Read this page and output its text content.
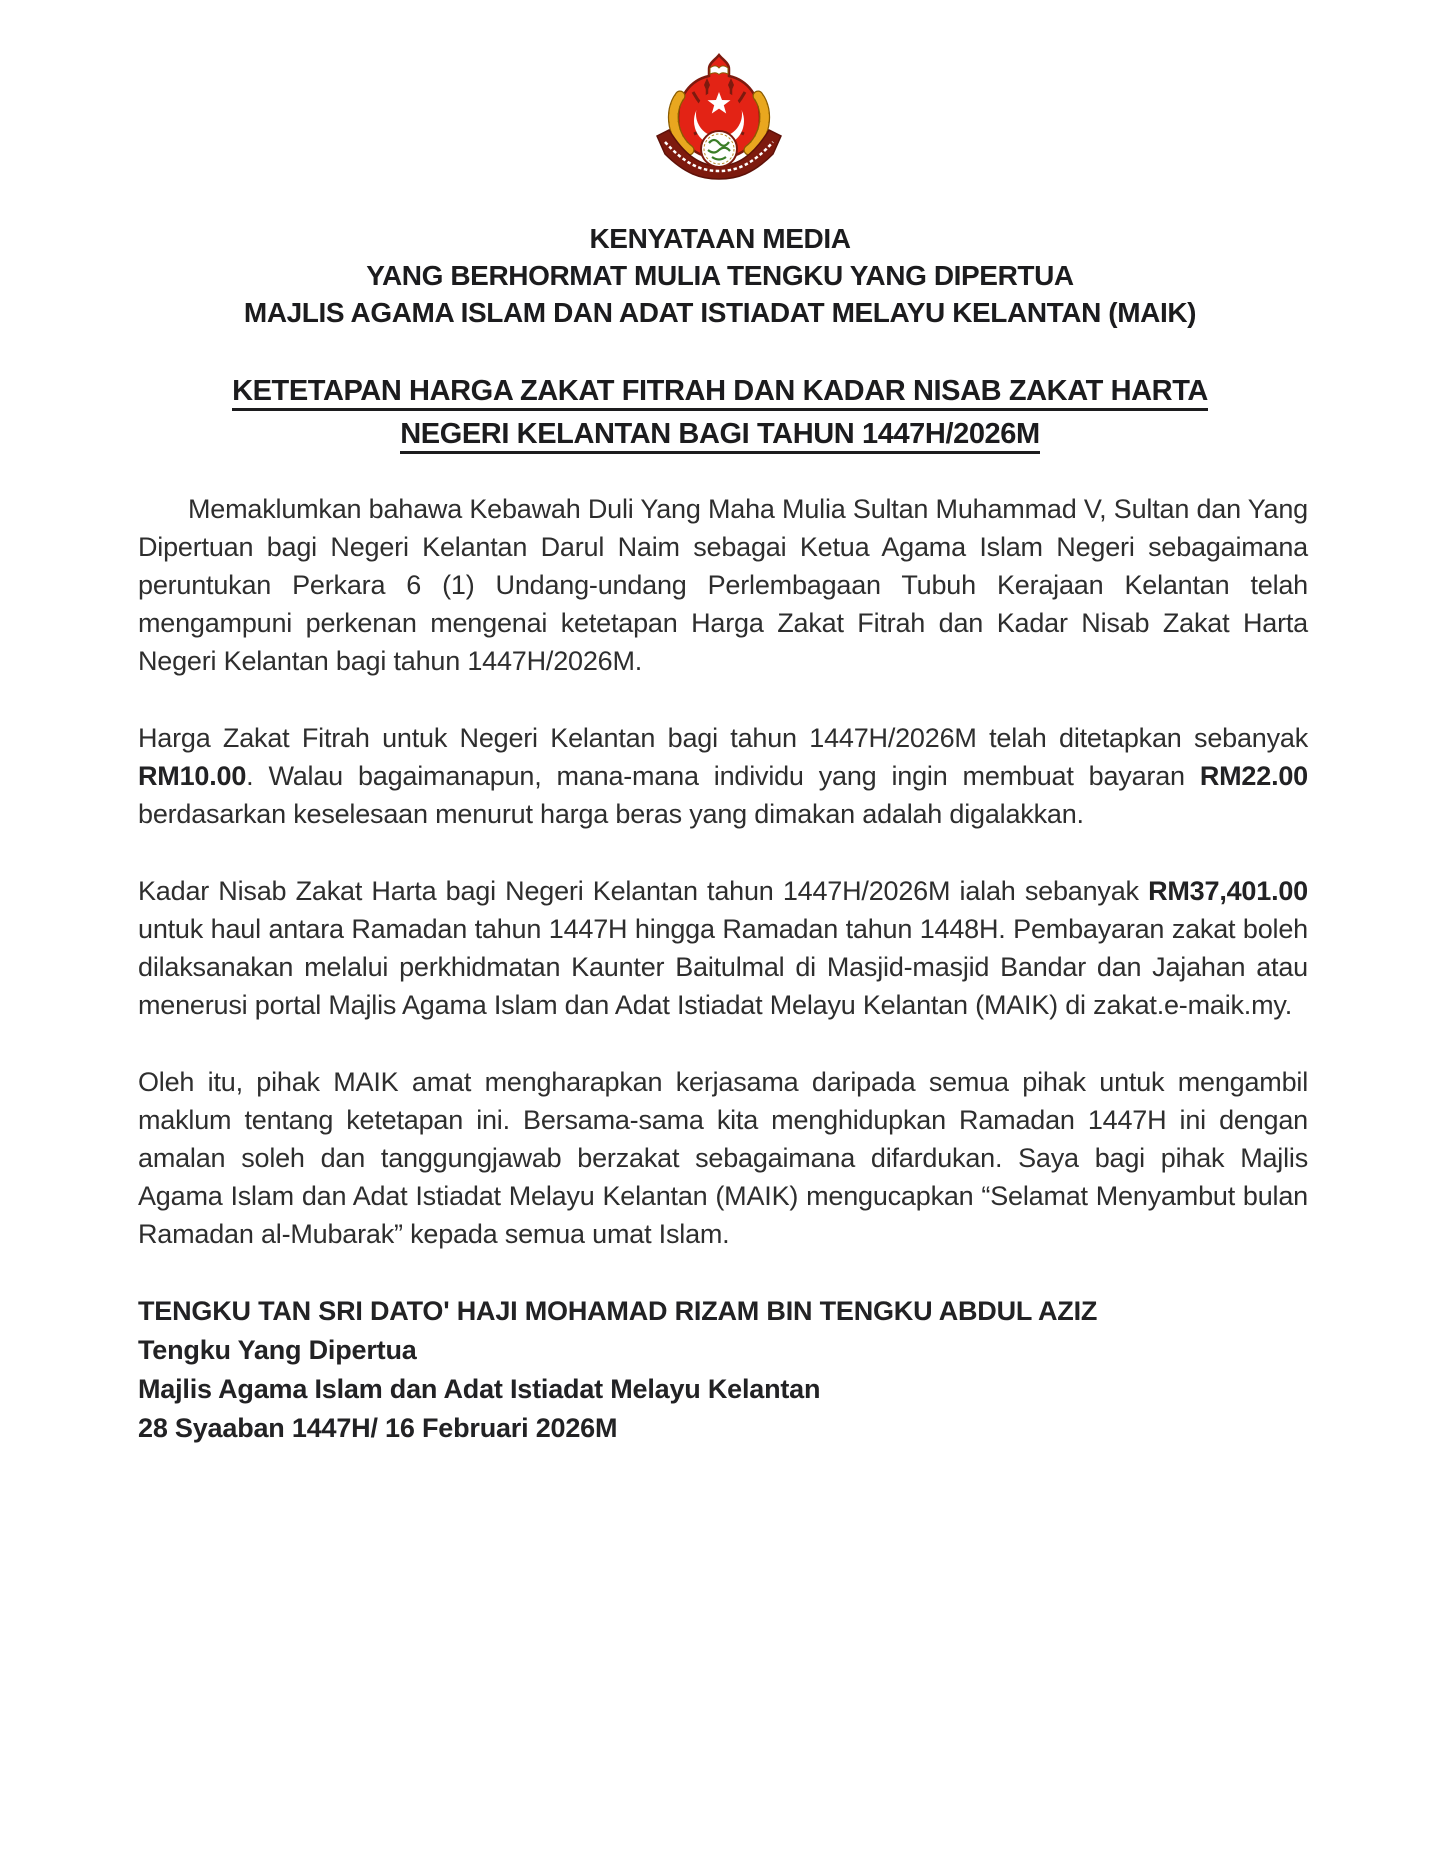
KENYATAAN MEDIA
YANG BERHORMAT MULIA TENGKU YANG DIPERTUA
MAJLIS AGAMA ISLAM DAN ADAT ISTIADAT MELAYU KELANTAN (MAIK)
KETETAPAN HARGA ZAKAT FITRAH DAN KADAR NISAB ZAKAT HARTA
NEGERI KELANTAN BAGI TAHUN 1447H/2026M

Memaklumkan bahawa Kebawah Duli Yang Maha Mulia Sultan Muhammad V, Sultan dan Yang Dipertuan bagi Negeri Kelantan Darul Naim sebagai Ketua Agama Islam Negeri sebagaimana peruntukan Perkara 6 (1) Undang-undang Perlembagaan Tubuh Kerajaan Kelantan telah mengampuni perkenan mengenai ketetapan Harga Zakat Fitrah dan Kadar Nisab Zakat Harta Negeri Kelantan bagi tahun 1447H/2026M.

Harga Zakat Fitrah untuk Negeri Kelantan bagi tahun 1447H/2026M telah ditetapkan sebanyak RM10.00. Walau bagaimanapun, mana-mana individu yang ingin membuat bayaran RM22.00 berdasarkan keselesaan menurut harga beras yang dimakan adalah digalakkan.

Kadar Nisab Zakat Harta bagi Negeri Kelantan tahun 1447H/2026M ialah sebanyak RM37,401.00 untuk haul antara Ramadan tahun 1447H hingga Ramadan tahun 1448H. Pembayaran zakat boleh dilaksanakan melalui perkhidmatan Kaunter Baitulmal di Masjid-masjid Bandar dan Jajahan atau menerusi portal Majlis Agama Islam dan Adat Istiadat Melayu Kelantan (MAIK) di zakat.e-maik.my.

Oleh itu, pihak MAIK amat mengharapkan kerjasama daripada semua pihak untuk mengambil maklum tentang ketetapan ini. Bersama-sama kita menghidupkan Ramadan 1447H ini dengan amalan soleh dan tanggungjawab berzakat sebagaimana difardukan. Saya bagi pihak Majlis Agama Islam dan Adat Istiadat Melayu Kelantan (MAIK) mengucapkan “Selamat Menyambut bulan Ramadan al-Mubarak” kepada semua umat Islam.

TENGKU TAN SRI DATO' HAJI MOHAMAD RIZAM BIN TENGKU ABDUL AZIZ
Tengku Yang Dipertua
Majlis Agama Islam dan Adat Istiadat Melayu Kelantan
28 Syaaban 1447H/ 16 Februari 2026M
